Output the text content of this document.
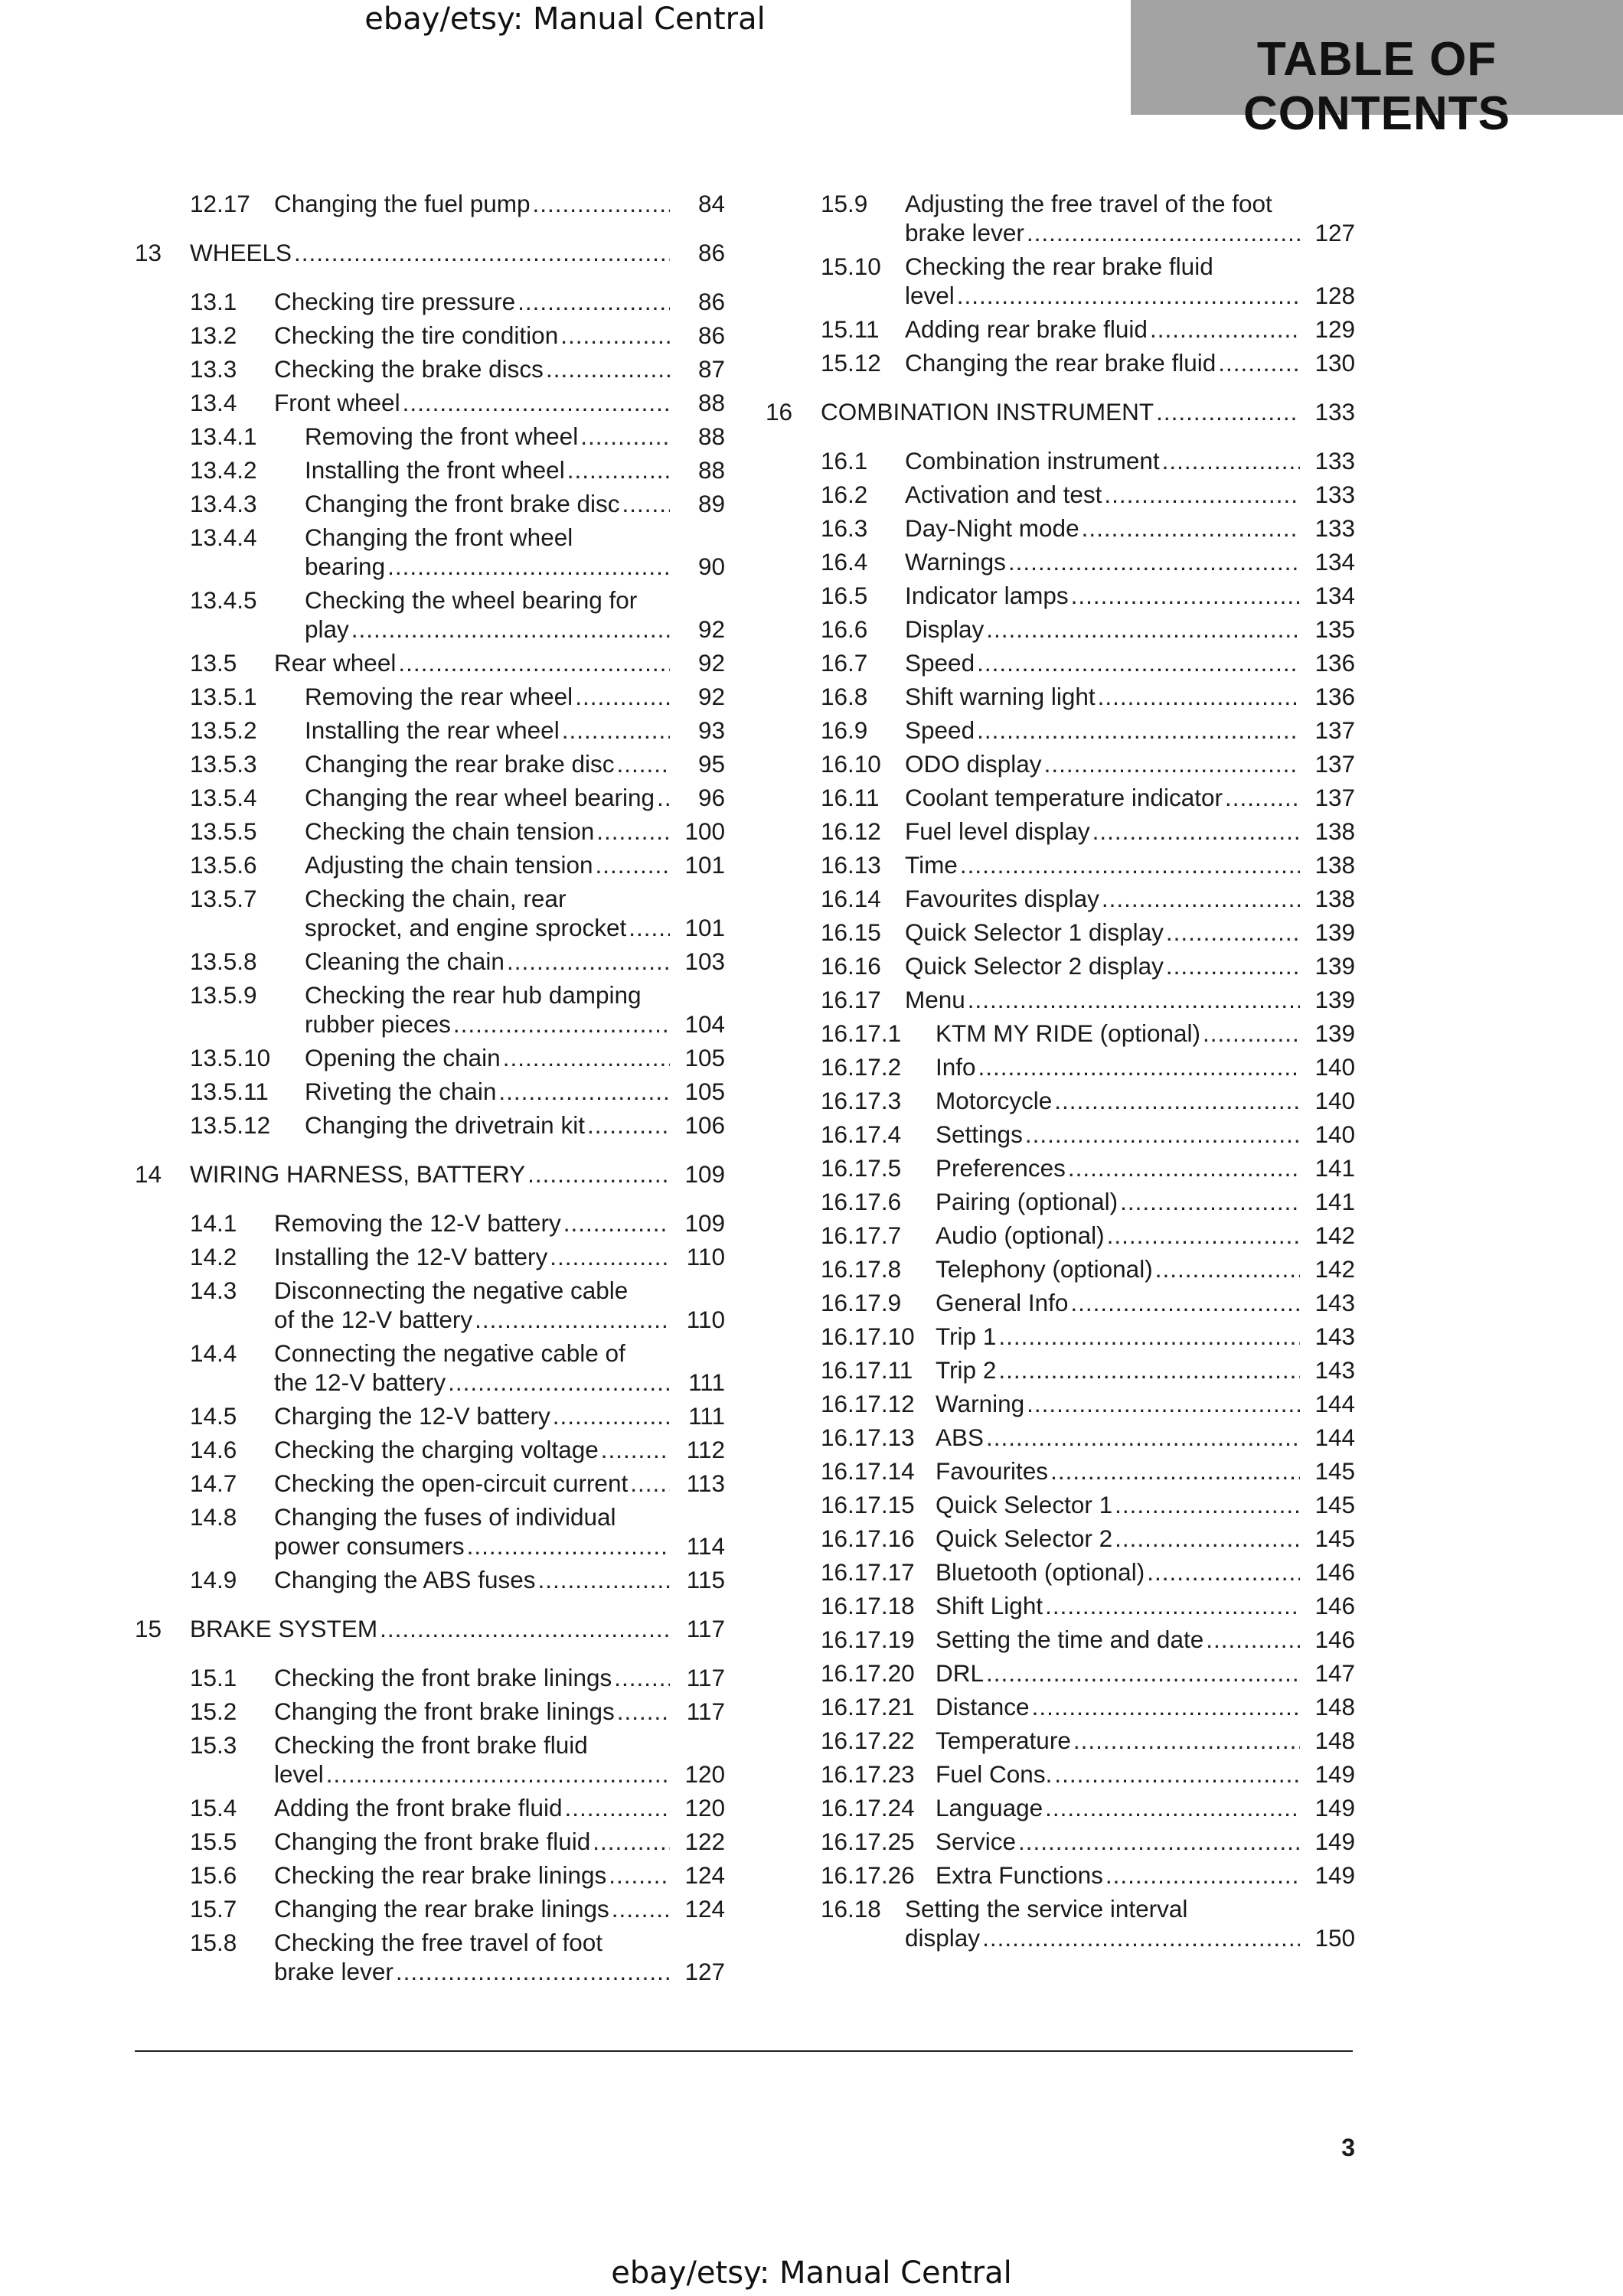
ebay/etsy: Manual Central
TABLE OF CONTENTS
12.17 Changing the fuel pump .....	84
13 WHEELS .....	86
13.1 Checking tire pressure .....	86
13.2 Checking the tire condition .....	86
13.3 Checking the brake discs .....	87
13.4 Front wheel .....	88
13.4.1 Removing the front wheel .....	88
13.4.2 Installing the front wheel .....	88
13.4.3 Changing the front brake disc .....	89
13.4.4 Changing the front wheel
bearing .....	90
13.4.5 Checking the wheel bearing for
play .....	92
13.5 Rear wheel .....	92
13.5.1 Removing the rear wheel .....	92
13.5.2 Installing the rear wheel .....	93
13.5.3 Changing the rear brake disc .....	95
13.5.4 Changing the rear wheel bearing .....	96
13.5.5 Checking the chain tension .....	100
13.5.6 Adjusting the chain tension .....	101
13.5.7 Checking the chain, rear
sprocket, and engine sprocket .....	101
13.5.8 Cleaning the chain .....	103
13.5.9 Checking the rear hub damping
rubber pieces .....	104
13.5.10 Opening the chain .....	105
13.5.11 Riveting the chain .....	105
13.5.12 Changing the drivetrain kit .....	106
14 WIRING HARNESS, BATTERY .....	109
14.1 Removing the 12-V battery .....	109
14.2 Installing the 12-V battery .....	110
14.3 Disconnecting the negative cable
of the 12-V battery .....	110
14.4 Connecting the negative cable of
the 12-V battery .....	111
14.5 Charging the 12-V battery .....	111
14.6 Checking the charging voltage .....	112
14.7 Checking the open-circuit current .....	113
14.8 Changing the fuses of individual
power consumers .....	114
14.9 Changing the ABS fuses .....	115
15 BRAKE SYSTEM .....	117
15.1 Checking the front brake linings .....	117
15.2 Changing the front brake linings .....	117
15.3 Checking the front brake fluid
level .....	120
15.4 Adding the front brake fluid .....	120
15.5 Changing the front brake fluid .....	122
15.6 Checking the rear brake linings .....	124
15.7 Changing the rear brake linings .....	124
15.8 Checking the free travel of foot
brake lever .....	127
15.9 Adjusting the free travel of the foot
brake lever .....	127
15.10 Checking the rear brake fluid
level .....	128
15.11 Adding rear brake fluid .....	129
15.12 Changing the rear brake fluid .....	130
16 COMBINATION INSTRUMENT .....	133
16.1 Combination instrument .....	133
16.2 Activation and test .....	133
16.3 Day-Night mode .....	133
16.4 Warnings .....	134
16.5 Indicator lamps .....	134
16.6 Display .....	135
16.7 Speed .....	136
16.8 Shift warning light .....	136
16.9 Speed .....	137
16.10 ODO display .....	137
16.11 Coolant temperature indicator .....	137
16.12 Fuel level display .....	138
16.13 Time .....	138
16.14 Favourites display .....	138
16.15 Quick Selector 1 display .....	139
16.16 Quick Selector 2 display .....	139
16.17 Menu .....	139
16.17.1 KTM MY RIDE (optional) .....	139
16.17.2 Info .....	140
16.17.3 Motorcycle .....	140
16.17.4 Settings .....	140
16.17.5 Preferences .....	141
16.17.6 Pairing (optional) .....	141
16.17.7 Audio (optional) .....	142
16.17.8 Telephony (optional) .....	142
16.17.9 General Info .....	143
16.17.10 Trip 1 .....	143
16.17.11 Trip 2 .....	143
16.17.12 Warning .....	144
16.17.13 ABS .....	144
16.17.14 Favourites .....	145
16.17.15 Quick Selector 1 .....	145
16.17.16 Quick Selector 2 .....	145
16.17.17 Bluetooth (optional) .....	146
16.17.18 Shift Light .....	146
16.17.19 Setting the time and date .....	146
16.17.20 DRL .....	147
16.17.21 Distance .....	148
16.17.22 Temperature .....	148
16.17.23 Fuel Cons. .....	149
16.17.24 Language .....	149
16.17.25 Service .....	149
16.17.26 Extra Functions .....	149
16.18 Setting the service interval
display .....	150
3
ebay/etsy: Manual Central
